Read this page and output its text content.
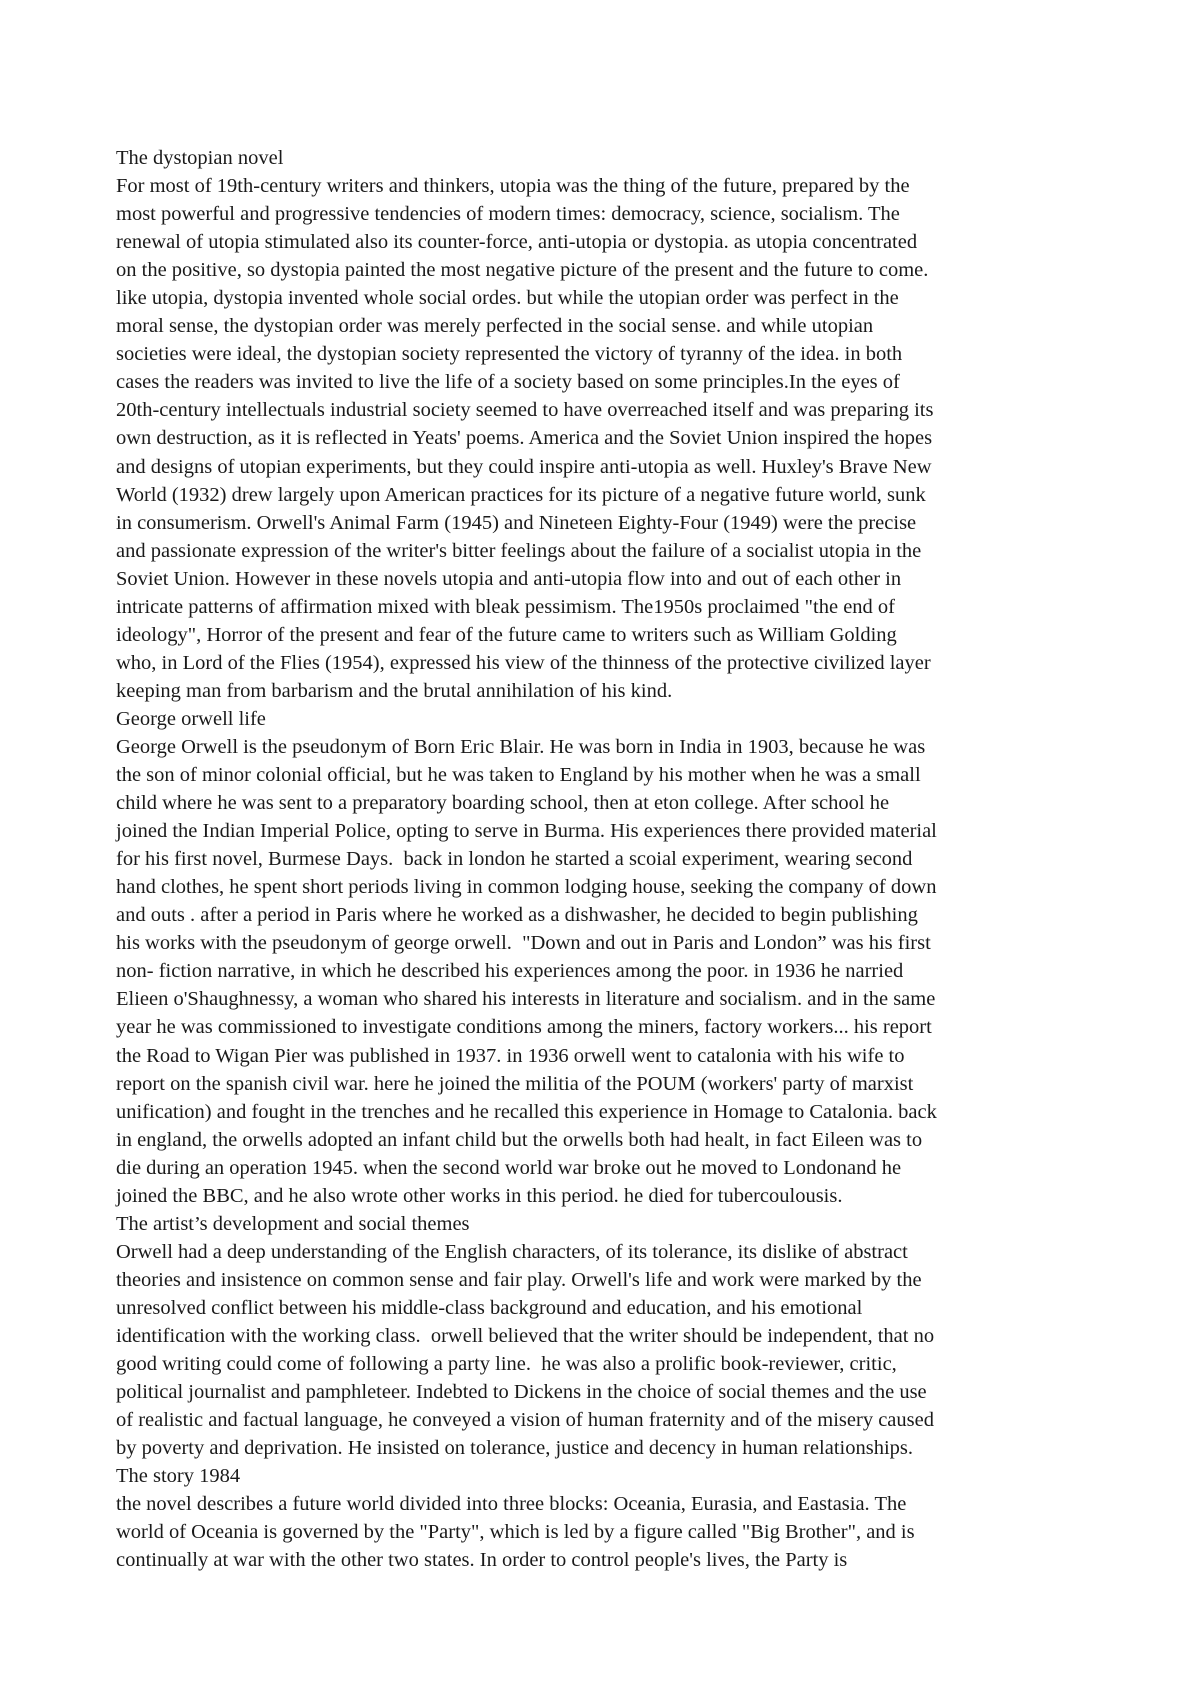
The dystopian novel
For most of 19th-century writers and thinkers, utopia was the thing of the future, prepared by the
most powerful and progressive tendencies of modern times: democracy, science, socialism. The
renewal of utopia stimulated also its counter-force, anti-utopia or dystopia. as utopia concentrated
on the positive, so dystopia painted the most negative picture of the present and the future to come.
like utopia, dystopia invented whole social ordes. but while the utopian order was perfect in the
moral sense, the dystopian order was merely perfected in the social sense. and while utopian
societies were ideal, the dystopian society represented the victory of tyranny of the idea. in both
cases the readers was invited to live the life of a society based on some principles.In the eyes of
20th-century intellectuals industrial society seemed to have overreached itself and was preparing its
own destruction, as it is reflected in Yeats' poems. America and the Soviet Union inspired the hopes
and designs of utopian experiments, but they could inspire anti-utopia as well. Huxley's Brave New
World (1932) drew largely upon American practices for its picture of a negative future world, sunk
in consumerism. Orwell's Animal Farm (1945) and Nineteen Eighty-Four (1949) were the precise
and passionate expression of the writer's bitter feelings about the failure of a socialist utopia in the
Soviet Union. However in these novels utopia and anti-utopia flow into and out of each other in
intricate patterns of affirmation mixed with bleak pessimism. The1950s proclaimed "the end of
ideology", Horror of the present and fear of the future came to writers such as William Golding
who, in Lord of the Flies (1954), expressed his view of the thinness of the protective civilized layer
keeping man from barbarism and the brutal annihilation of his kind.
George orwell life
George Orwell is the pseudonym of Born Eric Blair. He was born in India in 1903, because he was
the son of minor colonial official, but he was taken to England by his mother when he was a small
child where he was sent to a preparatory boarding school, then at eton college. After school he
joined the Indian Imperial Police, opting to serve in Burma. His experiences there provided material
for his first novel, Burmese Days.  back in london he started a scoial experiment, wearing second
hand clothes, he spent short periods living in common lodging house, seeking the company of down
and outs . after a period in Paris where he worked as a dishwasher, he decided to begin publishing
his works with the pseudonym of george orwell.  "Down and out in Paris and London” was his first
non- fiction narrative, in which he described his experiences among the poor. in 1936 he narried
Elieen o'Shaughnessy, a woman who shared his interests in literature and socialism. and in the same
year he was commissioned to investigate conditions among the miners, factory workers... his report
the Road to Wigan Pier was published in 1937. in 1936 orwell went to catalonia with his wife to
report on the spanish civil war. here he joined the militia of the POUM (workers' party of marxist
unification) and fought in the trenches and he recalled this experience in Homage to Catalonia. back
in england, the orwells adopted an infant child but the orwells both had healt, in fact Eileen was to
die during an operation 1945. when the second world war broke out he moved to Londonand he
joined the BBC, and he also wrote other works in this period. he died for tubercoulousis.
The artist’s development and social themes
Orwell had a deep understanding of the English characters, of its tolerance, its dislike of abstract
theories and insistence on common sense and fair play. Orwell's life and work were marked by the
unresolved conflict between his middle-class background and education, and his emotional
identification with the working class.  orwell believed that the writer should be independent, that no
good writing could come of following a party line.  he was also a prolific book-reviewer, critic,
political journalist and pamphleteer. Indebted to Dickens in the choice of social themes and the use
of realistic and factual language, he conveyed a vision of human fraternity and of the misery caused
by poverty and deprivation. He insisted on tolerance, justice and decency in human relationships.
The story 1984
the novel describes a future world divided into three blocks: Oceania, Eurasia, and Eastasia. The
world of Oceania is governed by the "Party", which is led by a figure called "Big Brother", and is
continually at war with the other two states. In order to control people's lives, the Party is
